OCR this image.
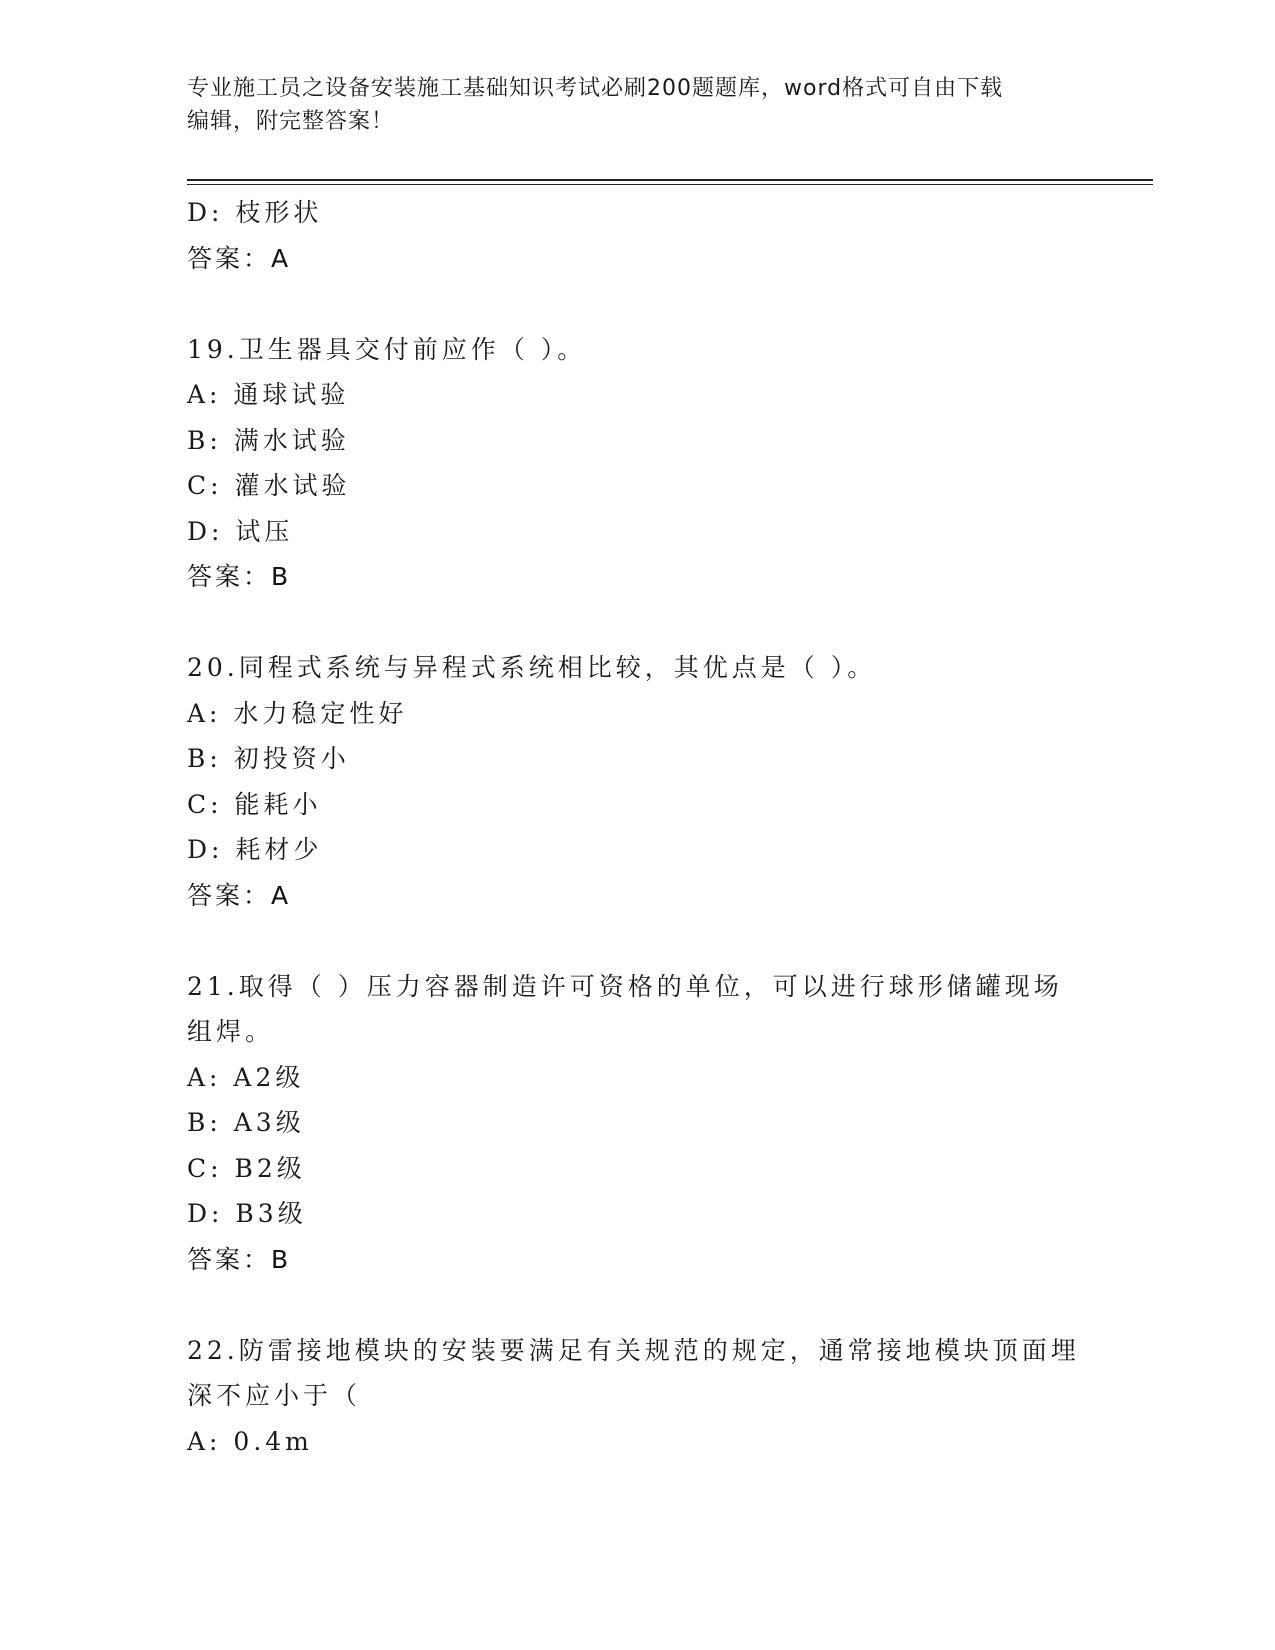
专业施工员之设备安装施工基础知识考试必刷200题题库，word格式可自由下载
编辑，附完整答案！
D: 枝形状
答案：A
19.卫生器具交付前应作（ ）。
A: 通球试验
B: 满水试验
C: 灌水试验
D: 试压
答案：B
20.同程式系统与异程式系统相比较，其优点是（ ）。
A: 水力稳定性好
B: 初投资小
C: 能耗小
D: 耗材少
答案：A
21.取得（ ）压力容器制造许可资格的单位，可以进行球形储罐现场
组焊。
A: A2级
B: A3级
C: B2级
D: B3级
答案：B
22.防雷接地模块的安装要满足有关规范的规定，通常接地模块顶面埋
深不应小于（
A: 0.4m
